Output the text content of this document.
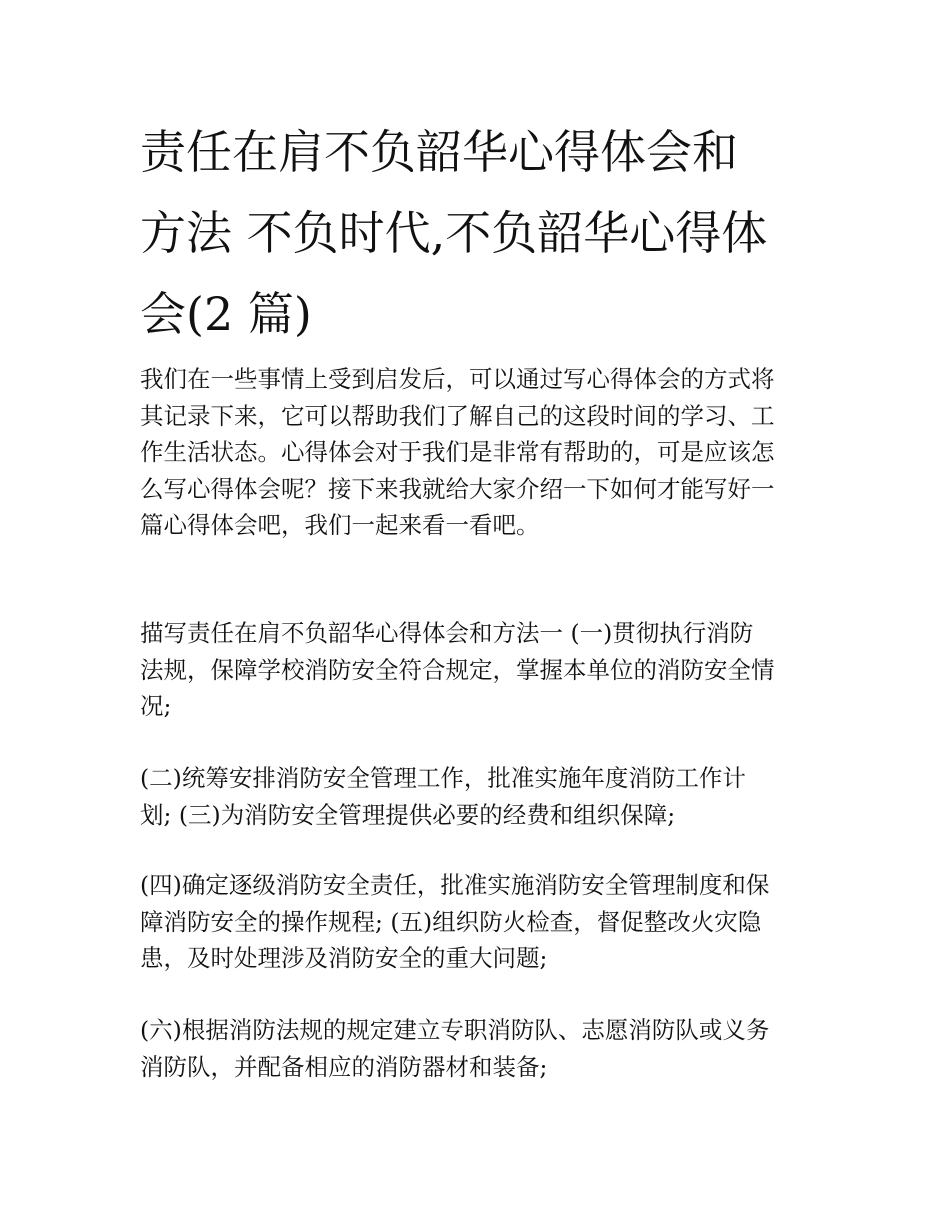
责任在肩不负韶华心得体会和
方法 不负时代,不负韶华心得体
会(2 篇)

我们在一些事情上受到启发后，可以通过写心得体会的方式将
其记录下来，它可以帮助我们了解自己的这段时间的学习、工
作生活状态。心得体会对于我们是非常有帮助的，可是应该怎
么写心得体会呢？接下来我就给大家介绍一下如何才能写好一
篇心得体会吧，我们一起来看一看吧。

描写责任在肩不负韶华心得体会和方法一 (一)贯彻执行消防
法规，保障学校消防安全符合规定，掌握本单位的消防安全情
况;

(二)统筹安排消防安全管理工作，批准实施年度消防工作计
划; (三)为消防安全管理提供必要的经费和组织保障;

(四)确定逐级消防安全责任，批准实施消防安全管理制度和保
障消防安全的操作规程; (五)组织防火检查，督促整改火灾隐
患，及时处理涉及消防安全的重大问题;

(六)根据消防法规的规定建立专职消防队、志愿消防队或义务
消防队，并配备相应的消防器材和装备;
